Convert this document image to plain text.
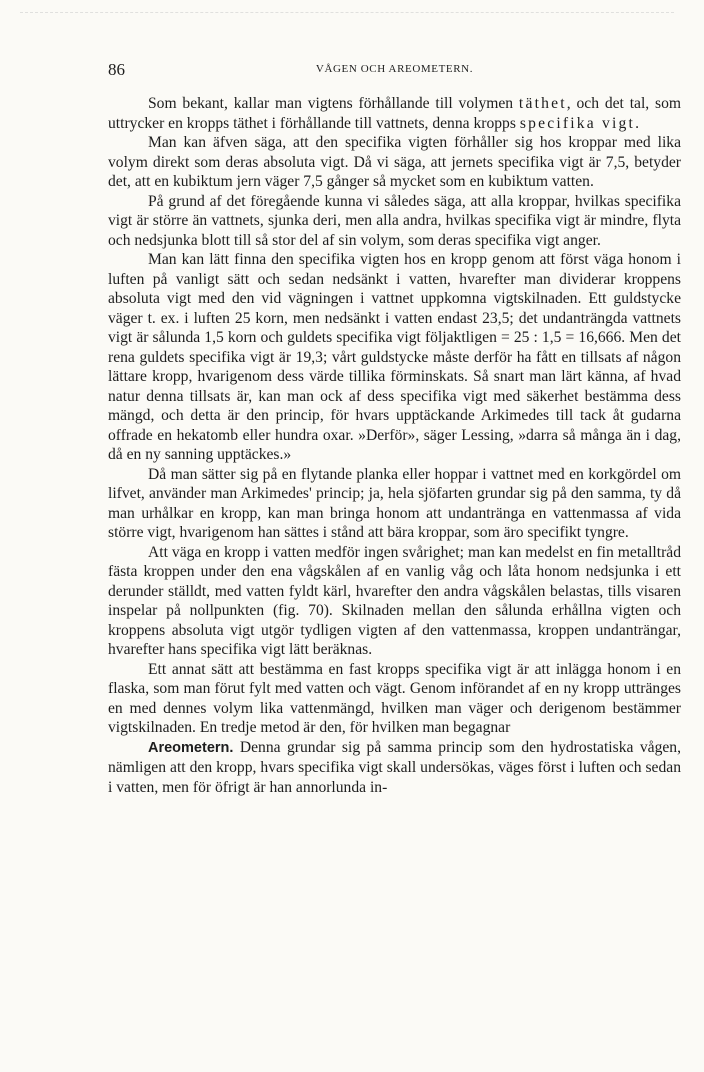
86	VÅGEN OCH AREOMETERN.

Som bekant, kallar man vigtens förhållande till volymen täthet, och det tal, som uttrycker en kropps täthet i förhållande till vattnets, denna kropps specifika vigt.

Man kan äfven säga, att den specifika vigten förhåller sig hos kroppar med lika volym direkt som deras absoluta vigt. Då vi säga, att jernets specifika vigt är 7,5, betyder det, att en kubiktum jern väger 7,5 gånger så mycket som en kubiktum vatten.

På grund af det föregående kunna vi således säga, att alla kroppar, hvilkas specifika vigt är större än vattnets, sjunka deri, men alla andra, hvilkas specifika vigt är mindre, flyta och nedsjunka blott till så stor del af sin volym, som deras specifika vigt anger.

Man kan lätt finna den specifika vigten hos en kropp genom att först väga honom i luften på vanligt sätt och sedan nedsänkt i vatten, hvarefter man dividerar kroppens absoluta vigt med den vid vägningen i vattnet uppkomna vigtskilnaden. Ett guldstycke väger t. ex. i luften 25 korn, men nedsänkt i vatten endast 23,5; det undanträngda vattnets vigt är sålunda 1,5 korn och guldets specifika vigt följaktligen = 25 : 1,5 = 16,666. Men det rena guldets specifika vigt är 19,3; vårt guldstycke måste derför ha fått en tillsats af någon lättare kropp, hvarigenom dess värde tillika förminskats. Så snart man lärt känna, af hvad natur denna tillsats är, kan man ock af dess specifika vigt med säkerhet bestämma dess mängd, och detta är den princip, för hvars upptäckande Arkimedes till tack åt gudarna offrade en hekatomb eller hundra oxar. »Derför», säger Lessing, »darra så många än i dag, då en ny sanning upptäckes.»

Då man sätter sig på en flytande planka eller hoppar i vattnet med en korkgördel om lifvet, använder man Arkimedes' princip; ja, hela sjöfarten grundar sig på den samma, ty då man urhålkar en kropp, kan man bringa honom att undantränga en vattenmassa af vida större vigt, hvarigenom han sättes i stånd att bära kroppar, som äro specifikt tyngre.

Att väga en kropp i vatten medför ingen svårighet; man kan medelst en fin metalltråd fästa kroppen under den ena vågskålen af en vanlig våg och låta honom nedsjunka i ett derunder ställdt, med vatten fyldt kärl, hvarefter den andra vågskålen belastas, tills visaren inspelar på nollpunkten (fig. 70). Skilnaden mellan den sålunda erhållna vigten och kroppens absoluta vigt utgör tydligen vigten af den vattenmassa, kroppen undanträngar, hvarefter hans specifika vigt lätt beräknas.

Ett annat sätt att bestämma en fast kropps specifika vigt är att inlägga honom i en flaska, som man förut fylt med vatten och vägt. Genom införandet af en ny kropp uttränges en med dennes volym lika vattenmängd, hvilken man väger och derigenom bestämmer vigtskilnaden. En tredje metod är den, för hvilken man begagnar

Areometern. Denna grundar sig på samma princip som den hydrostatiska vågen, nämligen att den kropp, hvars specifika vigt skall undersökas, väges först i luften och sedan i vatten, men för öfrigt är han annorlunda in-
